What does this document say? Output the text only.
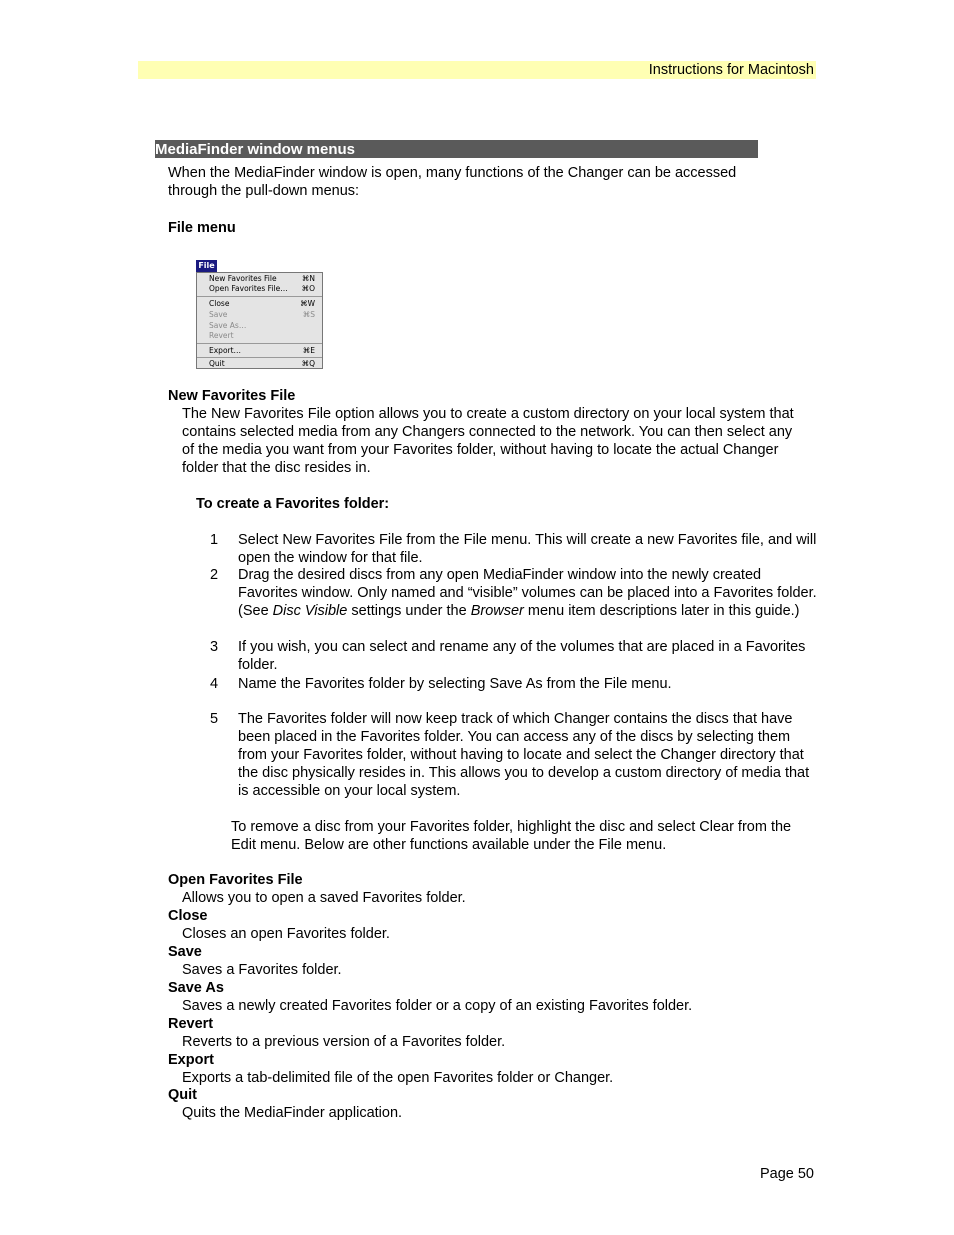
Instructions for Macintosh
MediaFinder window menus
When the MediaFinder window is open, many functions of the Changer can be accessed through the pull-down menus:
File menu
File
New Favorites File	⌘N
Open Favorites File… ⌘O
Close	⌘W
Save	⌘S
Save As…
Revert
Export…	⌘E
Quit	⌘Q
New Favorites File
The New Favorites File option allows you to create a custom directory on your local system that contains selected media from any Changers connected to the network. You can then select any of the media you want from your Favorites folder, without having to locate the actual Changer folder that the disc resides in.
To create a Favorites folder:
1 Select New Favorites File from the File menu. This will create a new Favorites file, and will open the window for that file.
2 Drag the desired discs from any open MediaFinder window into the newly created Favorites window. Only named and “visible” volumes can be placed into a Favorites folder. (See Disc Visible settings under the Browser menu item descriptions later in this guide.)
3 If you wish, you can select and rename any of the volumes that are placed in a Favorites folder.
4 Name the Favorites folder by selecting Save As from the File menu.
5 The Favorites folder will now keep track of which Changer contains the discs that have been placed in the Favorites folder. You can access any of the discs by selecting them from your Favorites folder, without having to locate and select the Changer directory that the disc physically resides in. This allows you to develop a custom directory of media that is accessible on your local system.
To remove a disc from your Favorites folder, highlight the disc and select Clear from the Edit menu. Below are other functions available under the File menu.
Open Favorites File
Allows you to open a saved Favorites folder.
Close
Closes an open Favorites folder.
Save
Saves a Favorites folder.
Save As
Saves a newly created Favorites folder or a copy of an existing Favorites folder.
Revert
Reverts to a previous version of a Favorites folder.
Export
Exports a tab-delimited file of the open Favorites folder or Changer.
Quit
Quits the MediaFinder application.
Page 50
